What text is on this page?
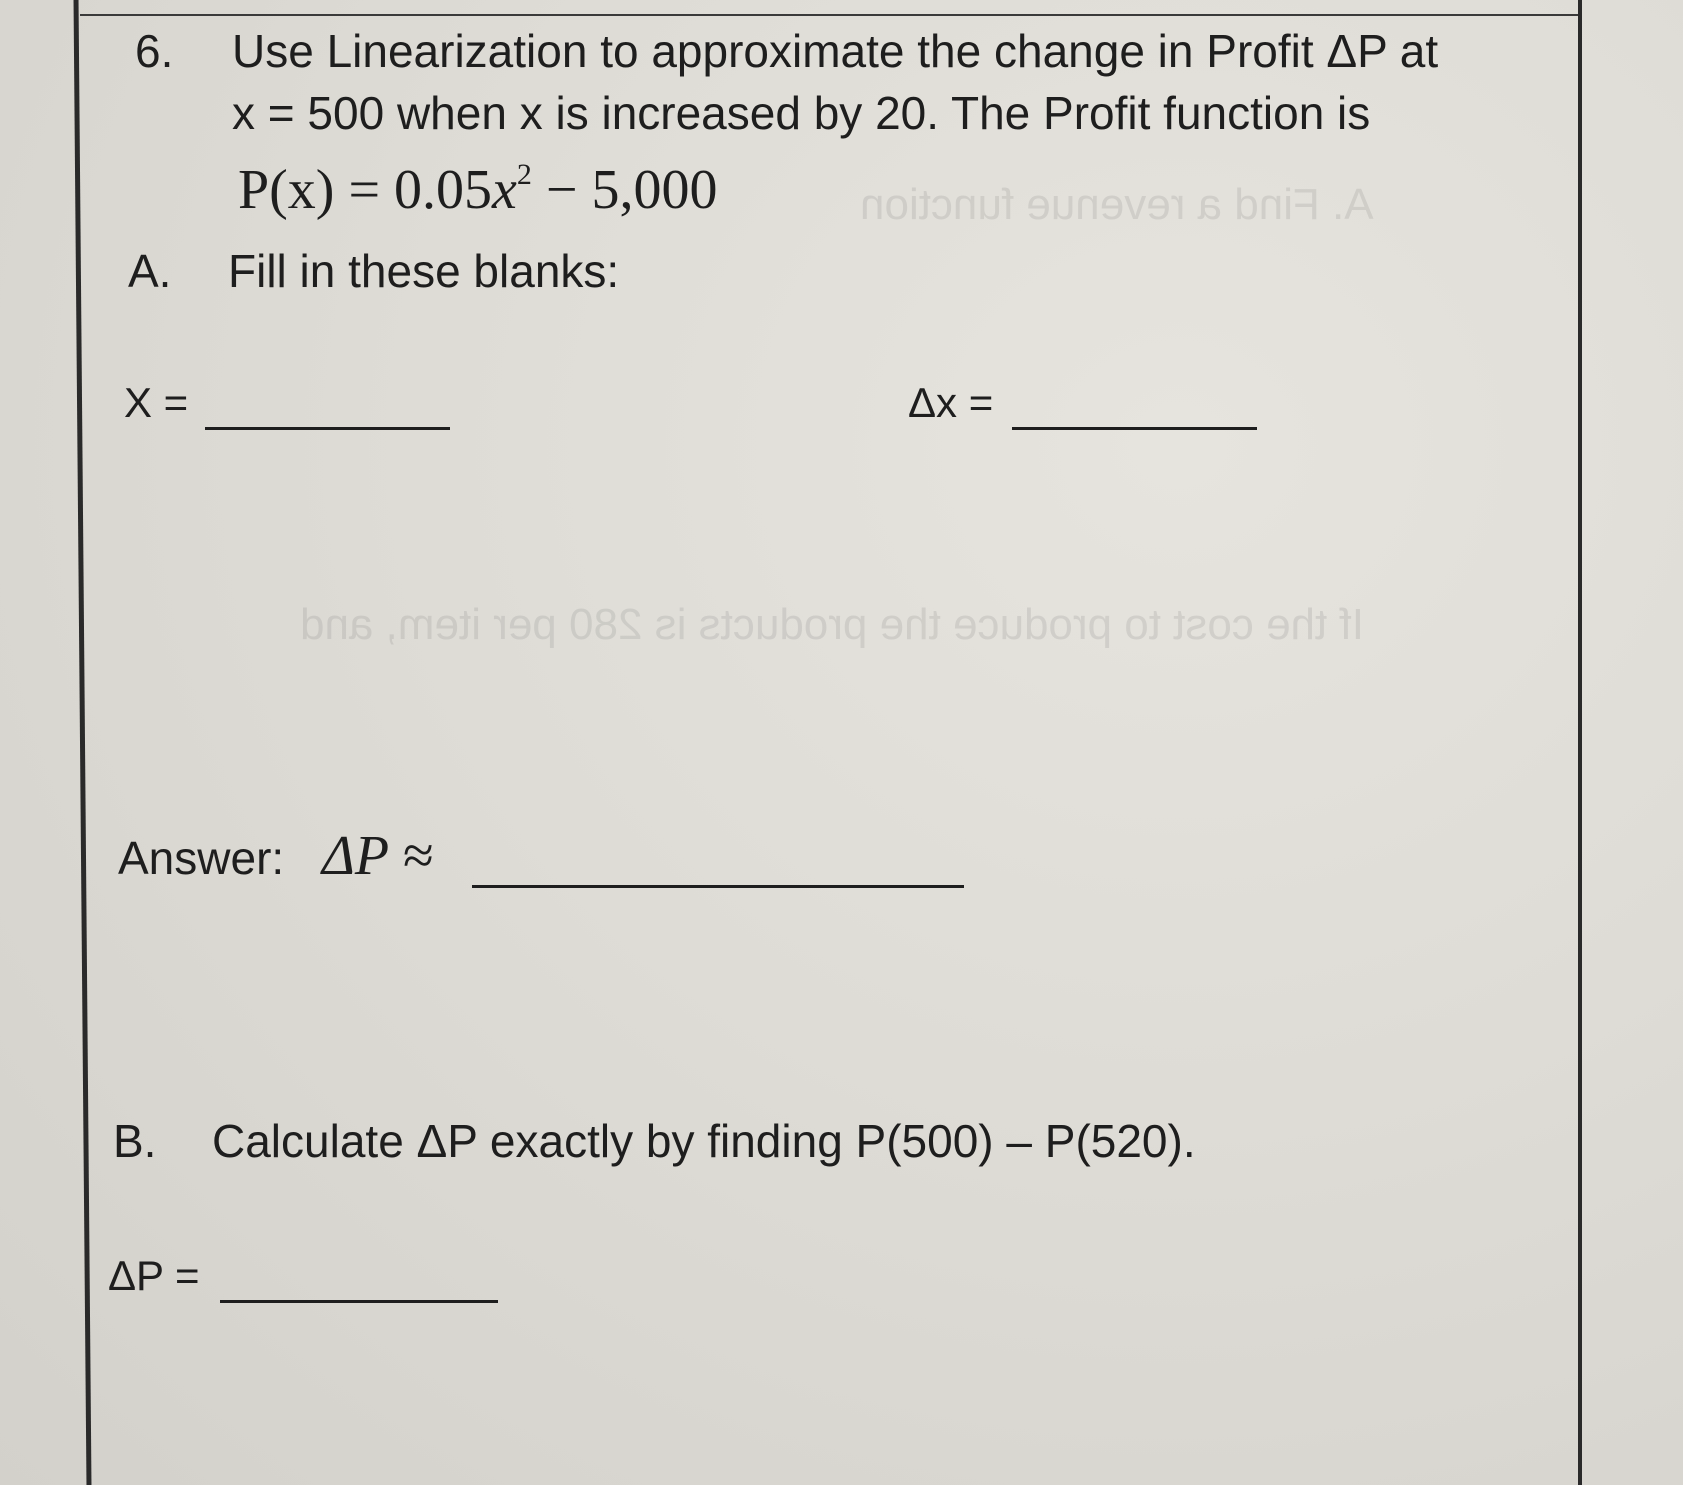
A. Find a revenue function
If the cost to produce the products is 280 per item, and
6. Use Linearization to approximate the change in Profit ΔP at
x = 500 when x is increased by 20. The Profit function is
$P(x) = 0.05x^2 - 5,000$
A. Fill in these blanks:
X =	Δx =
Answer: ΔP ≈
B. Calculate ΔP exactly by finding P(500) – P(520).
ΔP =
